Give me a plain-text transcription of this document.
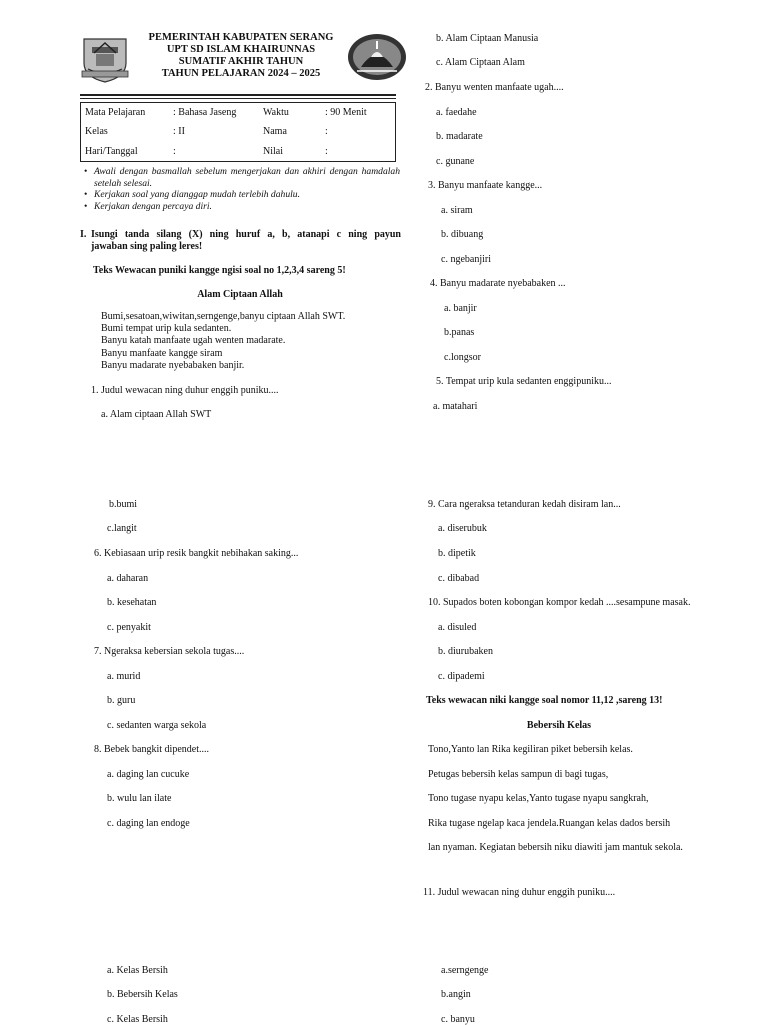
PEMERINTAH KABUPATEN SERANG
UPT SD ISLAM KHAIRUNNAS
SUMATIF AKHIR TAHUN
TAHUN PELAJARAN 2024 – 2025
Mata Pelajaran	: Bahasa Jaseng	Waktu	: 90 Menit
Kelas	: II	Nama	:
Hari/Tanggal	:	Nilai	:
• Awali dengan basmallah sebelum mengerjakan dan akhiri dengan hamdalah setelah selesai.
• Kerjakan soal yang dianggap mudah terlebih dahulu.
• Kerjakan dengan percaya diri.
I. Isungi tanda silang (X) ning huruf a, b, atanapi c ning payun
jawaban sing paling leres!
Teks Wewacan puniki kangge ngisi soal no 1,2,3,4 sareng 5!
Alam Ciptaan Allah
Bumi,sesatoan,wiwitan,serngenge,banyu ciptaan Allah SWT.
Bumi tempat urip kula sedanten.
Banyu katah manfaate ugah wenten madarate.
Banyu manfaate kangge siram
Banyu madarate nyebabaken banjir.
1. Judul wewacan ning duhur enggih puniku....
a. Alam ciptaan Allah SWT
b. Alam Ciptaan Manusia
c. Alam Ciptaan Alam
2. Banyu wenten manfaate ugah....
a. faedahe
b. madarate
c. gunane
3. Banyu manfaate kangge...
a. siram
b. dibuang
c. ngebanjiri
4. Banyu madarate nyebabaken ...
a. banjir
b.panas
c.longsor
5. Tempat urip kula sedanten enggipuniku...
a. matahari
b.bumi
c.langit
6. Kebiasaan urip resik bangkit nebihakan saking...
a. daharan
b. kesehatan
c. penyakit
7. Ngeraksa kebersian sekola tugas....
a. murid
b. guru
c. sedanten warga sekola
8. Bebek bangkit dipendet....
a. daging lan cucuke
b. wulu lan ilate
c. daging lan endoge
9. Cara ngeraksa tetanduran kedah disiram lan...
a. diserubuk
b. dipetik
c. dibabad
10. Supados boten kobongan kompor kedah ....sesampune masak.
a. disuled
b. diurubaken
c. dipademi
Teks wewacan niki kangge soal nomor 11,12 ,sareng 13!
Bebersih Kelas
Tono,Yanto lan Rika kegiliran piket bebersih kelas.
Petugas bebersih kelas sampun di bagi tugas,
Tono tugase nyapu kelas,Yanto tugase nyapu sangkrah,
Rika tugase ngelap kaca jendela.Ruangan kelas dados bersih
lan nyaman. Kegiatan bebersih niku diawiti jam mantuk sekola.
11. Judul wewacan ning duhur enggih puniku....
a. Kelas Bersih
b. Bebersih Kelas
c. Kelas Bersih
a.serngenge
b.angin
c. banyu
